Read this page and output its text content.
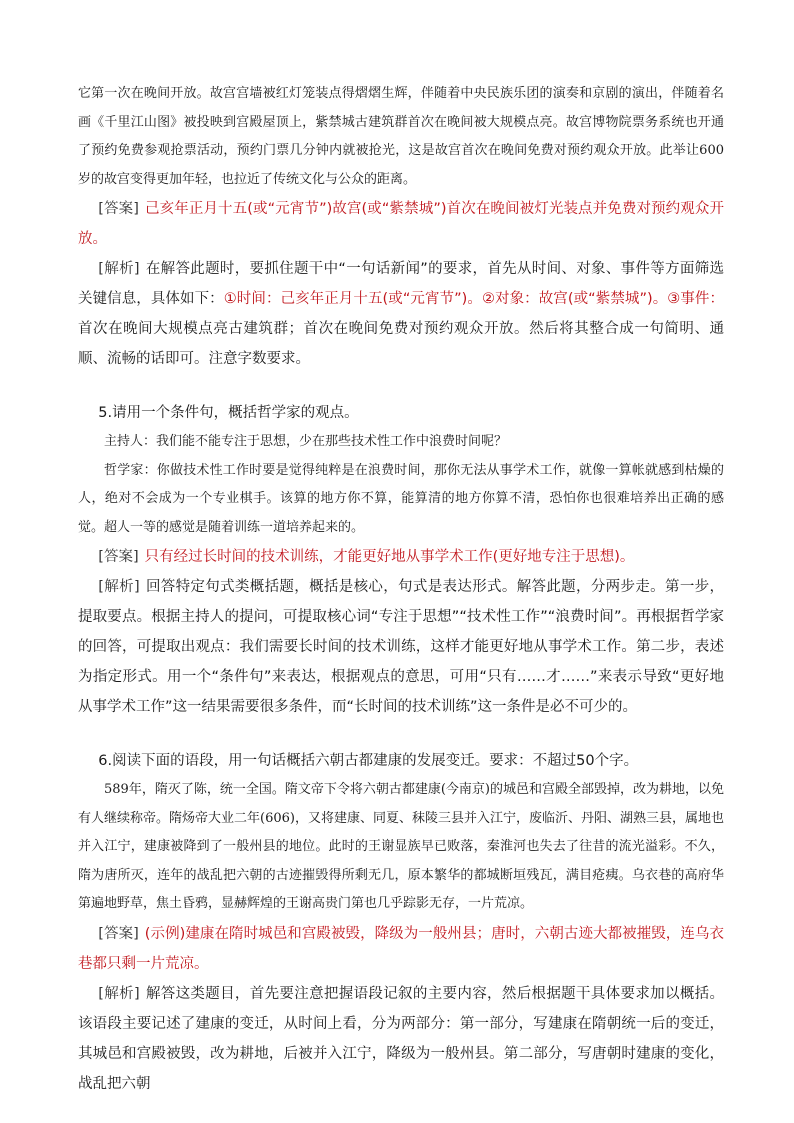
它第一次在晚间开放。故宫宫墙被红灯笼装点得熠熠生辉，伴随着中央民族乐团的演奏和京剧的演出，伴随着名画《千里江山图》被投映到宫殿屋顶上，紫禁城古建筑群首次在晚间被大规模点亮。故宫博物院票务系统也开通了预约免费参观抢票活动，预约门票几分钟内就被抢光，这是故宫首次在晚间免费对预约观众开放。此举让600岁的故宫变得更加年轻，也拉近了传统文化与公众的距离。

[答案] 己亥年正月十五(或“元宵节”)故宫(或“紫禁城”)首次在晚间被灯光装点并免费对预约观众开放。

[解析] 在解答此题时，要抓住题干中“一句话新闻”的要求，首先从时间、对象、事件等方面筛选关键信息，具体如下：①时间：己亥年正月十五(或“元宵节”)。②对象：故宫(或“紫禁城”)。③事件：首次在晚间大规模点亮古建筑群；首次在晚间免费对预约观众开放。然后将其整合成一句简明、通顺、流畅的话即可。注意字数要求。

5.请用一个条件句，概括哲学家的观点。

主持人：我们能不能专注于思想，少在那些技术性工作中浪费时间呢？

哲学家：你做技术性工作时要是觉得纯粹是在浪费时间，那你无法从事学术工作，就像一算帐就感到枯燥的人，绝对不会成为一个专业棋手。该算的地方你不算，能算清的地方你算不清，恐怕你也很难培养出正确的感觉。超人一等的感觉是随着训练一道培养起来的。

[答案] 只有经过长时间的技术训练，才能更好地从事学术工作(更好地专注于思想)。

[解析] 回答特定句式类概括题，概括是核心，句式是表达形式。解答此题，分两步走。第一步，提取要点。根据主持人的提问，可提取核心词“专注于思想”“技术性工作”“浪费时间”。再根据哲学家的回答，可提取出观点：我们需要长时间的技术训练，这样才能更好地从事学术工作。第二步，表述为指定形式。用一个“条件句”来表达，根据观点的意思，可用“只有……才……”来表示导致“更好地从事学术工作”这一结果需要很多条件，而“长时间的技术训练”这一条件是必不可少的。

6.阅读下面的语段，用一句话概括六朝古都建康的发展变迁。要求：不超过50个字。

589年，隋灭了陈，统一全国。隋文帝下令将六朝古都建康(今南京)的城邑和宫殿全部毁掉，改为耕地，以免有人继续称帝。隋炀帝大业二年(606)，又将建康、同夏、秣陵三县并入江宁，废临沂、丹阳、湖熟三县，属地也并入江宁，建康被降到了一般州县的地位。此时的王谢显族早已败落，秦淮河也失去了往昔的流光溢彩。不久，隋为唐所灭，连年的战乱把六朝的古迹摧毁得所剩无几，原本繁华的都城断垣残瓦，满目疮痍。乌衣巷的高府华第遍地野草，焦土昏鸦，显赫辉煌的王谢高贵门第也几乎踪影无存，一片荒凉。

[答案] (示例)建康在隋时城邑和宫殿被毁，降级为一般州县；唐时，六朝古迹大都被摧毁，连乌衣巷都只剩一片荒凉。

[解析] 解答这类题目，首先要注意把握语段记叙的主要内容，然后根据题干具体要求加以概括。该语段主要记述了建康的变迁，从时间上看，分为两部分：第一部分，写建康在隋朝统一后的变迁，其城邑和宫殿被毁，改为耕地，后被并入江宁，降级为一般州县。第二部分，写唐朝时建康的变化，战乱把六朝
